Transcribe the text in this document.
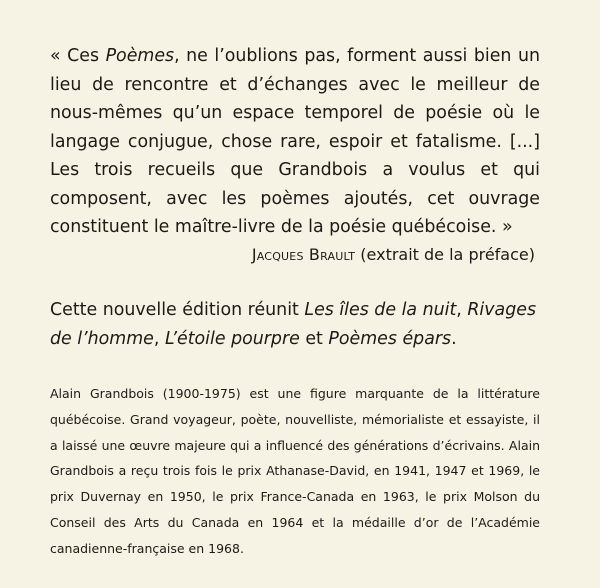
« Ces Poèmes, ne l’oublions pas, forment aussi bien un lieu de rencontre et d’échanges avec le meilleur de nous-mêmes qu’un espace temporel de poésie où le langage conjugue, chose rare, espoir et fatalisme. [...] Les trois recueils que Grandbois a voulus et qui composent, avec les poèmes ajoutés, cet ouvrage constituent le maître-livre de la poésie québécoise. »

Jacques Brault (extrait de la préface)

Cette nouvelle édition réunit Les îles de la nuit, Rivages de l’homme, L’étoile pourpre et Poèmes épars.

Alain Grandbois (1900-1975) est une figure marquante de la littérature québécoise. Grand voyageur, poète, nouvelliste, mémorialiste et essayiste, il a laissé une œuvre majeure qui a influencé des générations d’écrivains. Alain Grandbois a reçu trois fois le prix Athanase-David, en 1941, 1947 et 1969, le prix Duvernay en 1950, le prix France-Canada en 1963, le prix Molson du Conseil des Arts du Canada en 1964 et la médaille d’or de l’Académie canadienne-française en 1968.
